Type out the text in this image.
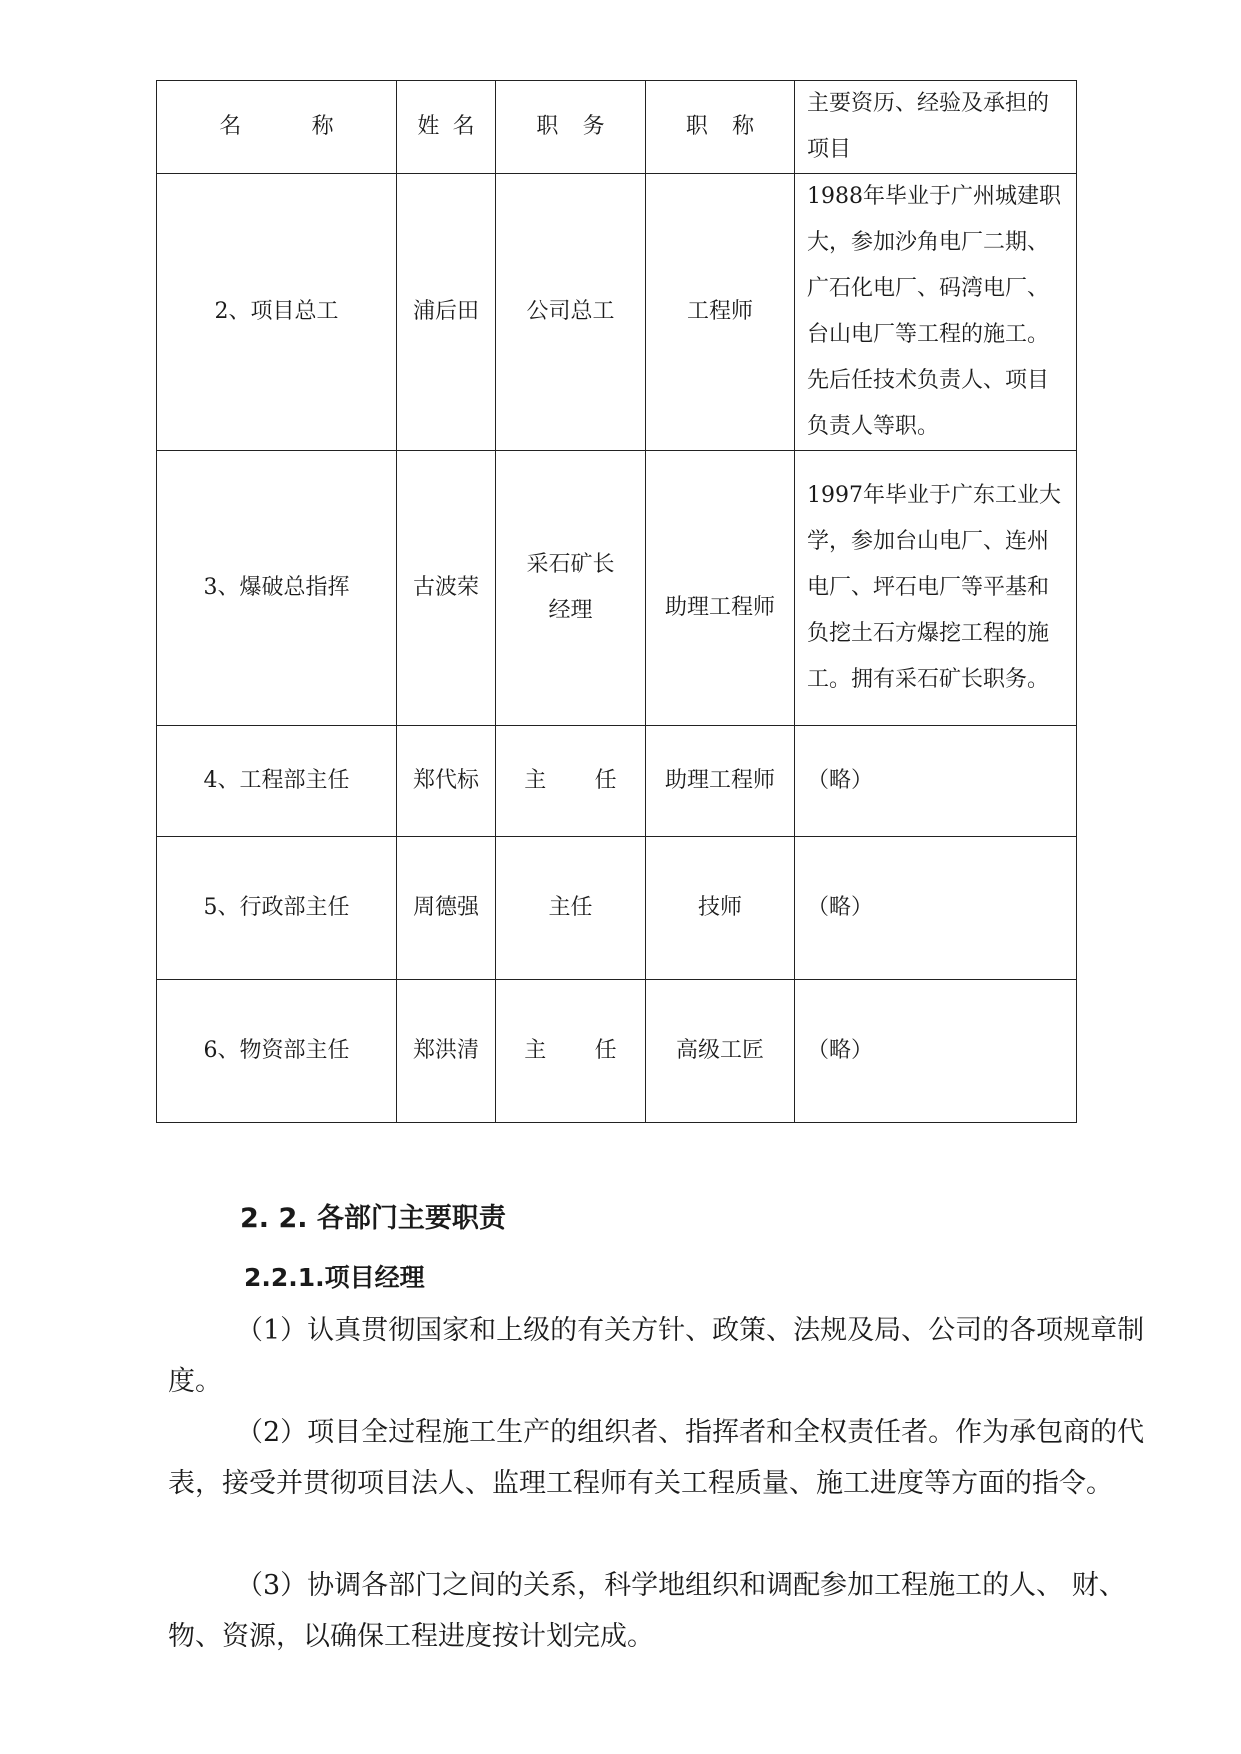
名　称	姓名	职务	职称	主要资历、经验及承担的项目
2、项目总工	浦后田	公司总工	工程师	1988年毕业于广州城建职大，参加沙角电厂二期、广石化电厂、码湾电厂、台山电厂等工程的施工。先后任技术负责人、项目负责人等职。
3、爆破总指挥	古波荣	采石矿长经理	助理工程师	1997年毕业于广东工业大学，参加台山电厂、连州电厂、坪石电厂等平基和负挖土石方爆挖工程的施工。拥有采石矿长职务。
4、工程部主任	郑代标	主　任	助理工程师	（略）
5、行政部主任	周德强	主任	技师	（略）
6、物资部主任	郑洪清	主　任	高级工匠	（略）
2. 2. 各部门主要职责
2.2.1.项目经理

（1）认真贯彻国家和上级的有关方针、政策、法规及局、公司的各项规章制度。

（2）项目全过程施工生产的组织者、指挥者和全权责任者。作为承包商的代表，接受并贯彻项目法人、监理工程师有关工程质量、施工进度等方面的指令。

（3）协调各部门之间的关系，科学地组织和调配参加工程施工的人、 财、物、资源，以确保工程进度按计划完成。
